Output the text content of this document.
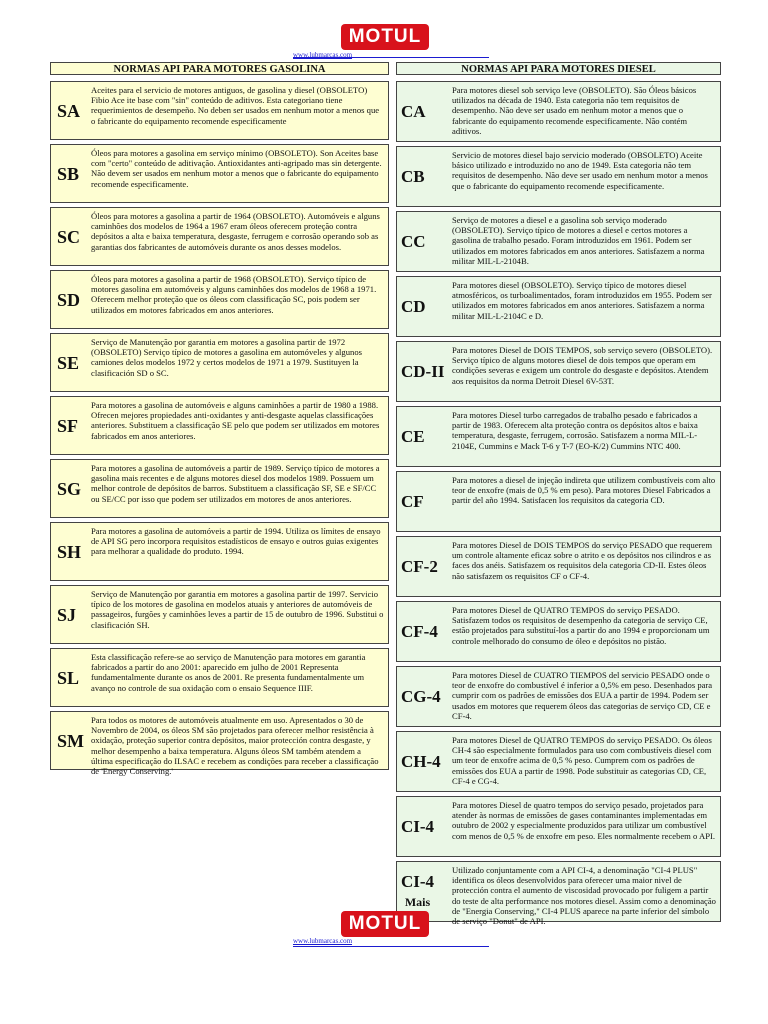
MOTUL
www.lubmarcas.com
NORMAS API PARA MOTORES GASOLINA
SA
Aceites para el servicio de motores antiguos, de gasolina y diesel (OBSOLETO) Fibio Ace ite base com "sin" conteúdo de aditivos. Esta categoriano tiene requerimientos de desempeño. No deben ser usados em nenhum motor a menos que o fabricante do equipamento recomende especificamente
SB
Óleos para motores a gasolina em serviço mínimo (OBSOLETO). Son Aceites base com "certo" conteúdo de aditivação. Antioxidantes anti-agripado mas sin detergente. Não devem ser usados em nenhum motor a menos que o fabricante do equipamento recomende especificamente.
SC
Óleos para motores a gasolina a partir de 1964 (OBSOLETO). Automóveis e alguns caminhões dos modelos de 1964 a 1967 eram óleos oferecem proteção contra depósitos a alta e baixa temperatura, desgaste, ferrugem e corrosão operando sob as garantias dos fabricantes de automóveis durante os anos desses modelos.
SD
Óleos para motores a gasolina a partir de 1968 (OBSOLETO). Serviço típico de motores gasolina em automóveis y alguns caminhões dos modelos de 1968 a 1971. Oferecem melhor proteção que os óleos com classificação SC, pois podem ser utilizados em motores fabricados em anos anteriores.
SE
Serviço de Manutenção por garantia em motores a gasolina partir de 1972 (OBSOLETO) Serviço típico de motores a gasolina em automóveles y algunos camiones delos modelos 1972 y certos modelos de 1971 a 1979. Sustituyen la clasificación SD o SC.
SF
Para motores a gasolina de automóveis e alguns caminhões a partir de 1980 a 1988. Ofrecen mejores propiedades anti-oxidantes y anti-desgaste aquelas classificações anteriores. Substituem a classificação SE pelo que podem ser utilizados em motores fabricados em anos anteriores.
SG
Para motores a gasolina de automóveis a partir de 1989. Serviço típico de motores a gasolina mais recentes e de alguns motores diesel dos modelos 1989. Possuem um melhor controle de depósitos de barros. Substituem a classificação SF, SE e SF/CC ou SE/CC por isso que podem ser utilizados em motores de anos anteriores.
SH
Para motores a gasolina de automóveis a partir de 1994. Utiliza os límites de ensayo de API SG pero incorpora requisitos estadísticos de ensayo e outros guias exigentes para melhorar a qualidade do produto. 1994.
SJ
Serviço de Manutenção por garantia em motores a gasolina partir de 1997. Servicio típico de los motores de gasolina en modelos atuais y anteriores de automóveis de passageiros, furgões y caminhões leves a partir de 15 de outubro de 1996. Substitui o clasificación SH.
SL
Esta classificação refere-se ao serviço de Manutenção para motores em garantia fabricados a partir do ano 2001: aparecido em julho de 2001 Representa fundamentalmente durante os anos de 2001. Re presenta fundamentalmente um avanço no controle de sua oxidação com o ensaio Sequence IIIF.
SM
Para todos os motores de automóveis atualmente em uso. Apresentados o 30 de Novembro de 2004, os óleos SM são projetados para oferecer melhor resistência à oxidação, proteção superior contra depósitos, maior protección contra desgaste, y melhor desempenho a baixa temperatura. Alguns óleos SM também atendem a última especificação do ILSAC e recebem as condições para receber a classificação de 'Energy Conserving.'
NORMAS API PARA MOTORES DIESEL
CA
Para motores diesel sob serviço leve (OBSOLETO). São Óleos básicos utilizados na década de 1940. Esta categoria não tem requisitos de desempenho. Não deve ser usado em nenhum motor a menos que o fabricante do equipamento recomende especificamente. Não contém aditivos.
CB
Servicio de motores diesel bajo servicio moderado (OBSOLETO) Aceite básico utilizado e introduzido no ano de 1949. Esta categoria não tem requisitos de desempenho. Não deve ser usado em nenhum motor a menos que o fabricante do equipamento recomende especificamente.
CC
Serviço de motores a diesel e a gasolina sob serviço moderado (OBSOLETO). Serviço típico de motores a diesel e certos motores a gasolina de trabalho pesado. Foram introduzidos em 1961. Podem ser utilizados em motores fabricados em anos anteriores. Satisfazem a norma militar MIL-L-2104B.
CD
Para motores diesel (OBSOLETO). Serviço típico de motores diesel atmosféricos, os turboalimentados, foram introduzidos em 1955. Podem ser utilizados em motores fabricados em anos anteriores. Satisfazem a norma militar MIL-L-2104C e D.
CD-II
Para motores Diesel de DOIS TEMPOS, sob serviço severo (OBSOLETO). Serviço típico de alguns motores diesel de dois tempos que operam em condições severas e exigem um controle do desgaste e depósitos. Atendem aos requisitos da norma Detroit Diesel 6V-53T.
CE
Para motores Diesel turbo carregados de trabalho pesado e fabricados a partir de 1983. Oferecem alta proteção contra os depósitos altos e baixa temperatura, desgaste, ferrugem, corrosão. Satisfazem a norma MIL-L-2104E, Cummins e Mack T-6 y T-7 (EO-K/2) Cummins NTC 400.
CF
Para motores a diesel de injeção indireta que utilizem combustíveis com alto teor de enxofre (mais de 0,5 % em peso). Para motores Diesel Fabricados a partir del año 1994. Satisfacen los requisitos da categoria CD.
CF-2
Para motores Diesel de DOIS TEMPOS do serviço PESADO que requerem um controle altamente eficaz sobre o atrito e os depósitos nos cilindros e as faces dos anéis. Satisfazem os requisitos dela categoria CD-II. Estes óleos não satisfazem os requisitos CF o CF-4.
CF-4
Para motores Diesel de QUATRO TEMPOS do serviço PESADO. Satisfazem todos os requisitos de desempenho da categoria de serviço CE, estão projetados para substituí-los a partir do ano 1994 e proporcionam um controle melhorado do consumo de óleo e depósitos no pistão.
CG-4
Para motores Diesel de CUATRO TIEMPOS del servicio PESADO onde o teor de enxofre do combustível é inferior a 0,5% em peso. Desenhados para cumprir com os padrões de emissões dos EUA a partir de 1994. Podem ser usados em motores que requerem óleos das categorias de serviço CD, CE e CF-4.
CH-4
Para motores Diesel de QUATRO TEMPOS do serviço PESADO. Os óleos CH-4 são especialmente formulados para uso com combustíveis diesel com um teor de enxofre acima de 0,5 % peso. Cumprem com os padrões de emissões dos EUA a partir de 1998. Pode substituir as categorias CD, CE, CF-4 e CG-4.
CI-4
Para motores Diesel de quatro tempos do serviço pesado, projetados para atender às normas de emissões de gases contaminantes implementadas em outubro de 2002 y especialmente produzidos para utilizar um combustível com menos de 0,5 % de enxofre em peso. Eles normalmente recebem o API.
CI-4
Mais
Utilizado conjuntamente com a API CI-4, a denominação "CI-4 PLUS" identifica os óleos desenvolvidos para oferecer uma maior nivel de protección contra el aumento de viscosidad provocado por fuligem a partir do teste de alta performance nos motores diesel. Assim como a denominação de "Energia Conserving," CI-4 PLUS aparece na parte inferior del símbolo de serviço "Donut" de API.
MOTUL
www.lubmarcas.com
